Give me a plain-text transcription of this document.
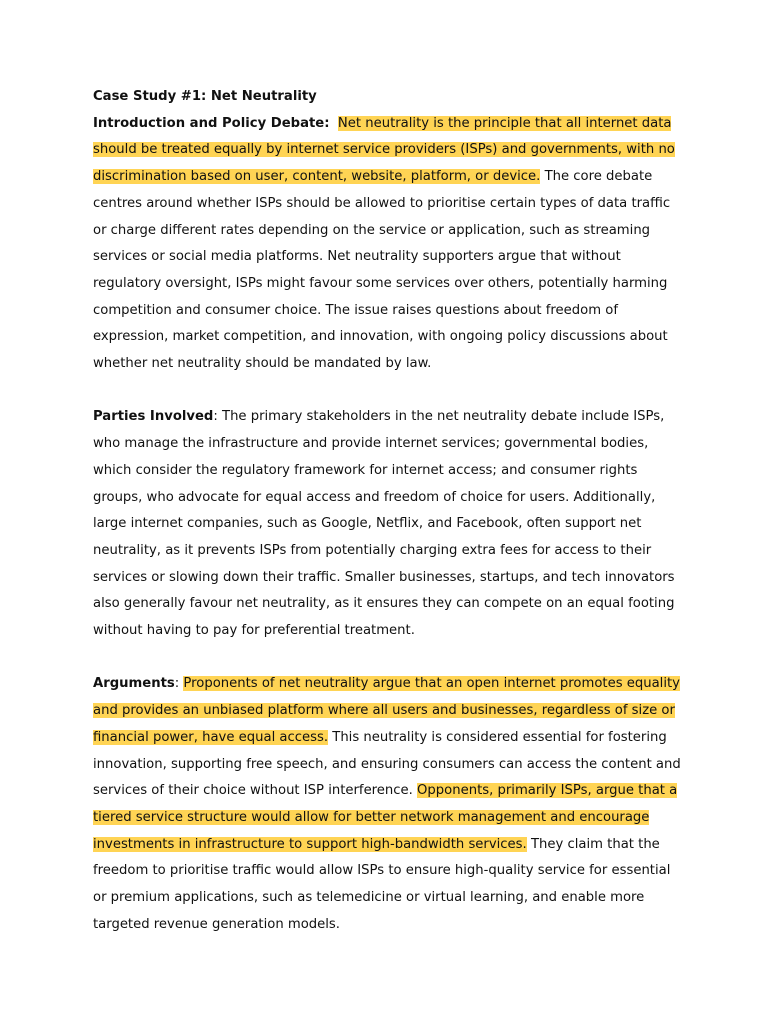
Case Study #1: Net Neutrality

Introduction and Policy Debate: Net neutrality is the principle that all internet data should be treated equally by internet service providers (ISPs) and governments, with no discrimination based on user, content, website, platform, or device. The core debate centres around whether ISPs should be allowed to prioritise certain types of data traffic or charge different rates depending on the service or application, such as streaming services or social media platforms. Net neutrality supporters argue that without regulatory oversight, ISPs might favour some services over others, potentially harming competition and consumer choice. The issue raises questions about freedom of expression, market competition, and innovation, with ongoing policy discussions about whether net neutrality should be mandated by law.

Parties Involved: The primary stakeholders in the net neutrality debate include ISPs, who manage the infrastructure and provide internet services; governmental bodies, which consider the regulatory framework for internet access; and consumer rights groups, who advocate for equal access and freedom of choice for users. Additionally, large internet companies, such as Google, Netflix, and Facebook, often support net neutrality, as it prevents ISPs from potentially charging extra fees for access to their services or slowing down their traffic. Smaller businesses, startups, and tech innovators also generally favour net neutrality, as it ensures they can compete on an equal footing without having to pay for preferential treatment.

Arguments: Proponents of net neutrality argue that an open internet promotes equality and provides an unbiased platform where all users and businesses, regardless of size or financial power, have equal access. This neutrality is considered essential for fostering innovation, supporting free speech, and ensuring consumers can access the content and services of their choice without ISP interference. Opponents, primarily ISPs, argue that a tiered service structure would allow for better network management and encourage investments in infrastructure to support high-bandwidth services. They claim that the freedom to prioritise traffic would allow ISPs to ensure high-quality service for essential or premium applications, such as telemedicine or virtual learning, and enable more targeted revenue generation models.
